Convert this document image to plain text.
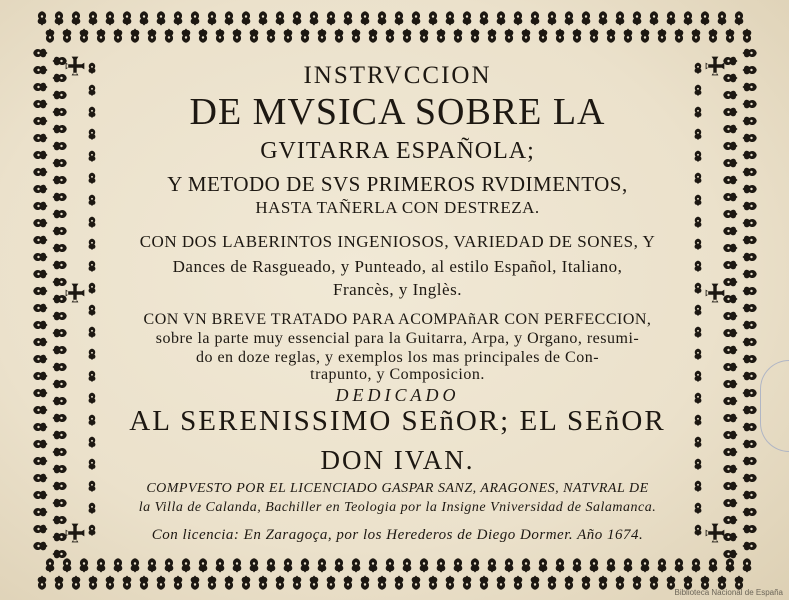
INSTRVCCION
DE MVSICA SOBRE LA
GVITARRA ESPAÑOLA;
Y METODO DE SVS PRIMEROS RVDIMENTOS,
HASTA TAÑERLA CON DESTREZA.
CON DOS LABERINTOS INGENIOSOS, VARIEDAD DE SONES, Y
Dances de Rasgueado, y Punteado, al estilo Español, Italiano,
Francès, y Inglès.
CON VN BREVE TRATADO PARA ACOMPAñAR CON PERFECCION,
sobre la parte muy essencial para la Guitarra, Arpa, y Organo, resumi-
do en doze reglas, y exemplos los mas principales de Con-
trapunto, y Composicion.
DEDICADO
AL SERENISSIMO SEñOR; EL SEñOR
DON IVAN.
COMPVESTO POR EL LICENCIADO GASPAR SANZ, ARAGONES, NATVRAL DE
la Villa de Calanda, Bachiller en Teologia por la Insigne Vniversidad de Salamanca.
Con licencia: En Zaragoça, por los Herederos de Diego Dormer. Año 1674.
Biblioteca Nacional de España
